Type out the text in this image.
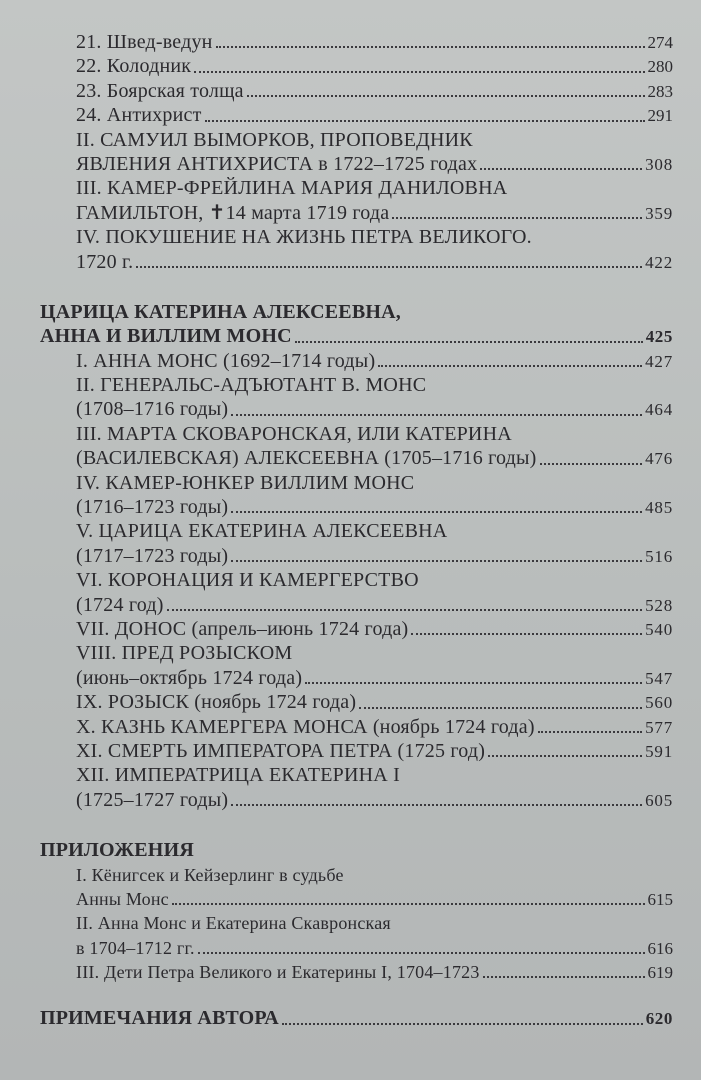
21. Швед-ведун	274
22. Колодник	280
23. Боярская толща	283
24. Антихрист	291
II. САМУИЛ ВЫМОРКОВ, ПРОПОВЕДНИК
ЯВЛЕНИЯ АНТИХРИСТА в 1722–1725 годах	308
III. КАМЕР-ФРЕЙЛИНА МАРИЯ ДАНИЛОВНА
ГАМИЛЬТОН, ✝14 марта 1719 года	359
IV. ПОКУШЕНИЕ НА ЖИЗНЬ ПЕТРА ВЕЛИКОГО.
1720 г.	422
ЦАРИЦА КАТЕРИНА АЛЕКСЕЕВНА,
АННА И ВИЛЛИМ МОНС	425
I. АННА МОНС (1692–1714 годы)	427
II. ГЕНЕРАЛЬС-АДЪЮТАНТ В. МОНС
(1708–1716 годы)	464
III. МАРТА СКОВАРОНСКАЯ, ИЛИ КАТЕРИНА
(ВАСИЛЕВСКАЯ) АЛЕКСЕЕВНА (1705–1716 годы)	476
IV. КАМЕР-ЮНКЕР ВИЛЛИМ МОНС
(1716–1723 годы)	485
V. ЦАРИЦА ЕКАТЕРИНА АЛЕКСЕЕВНА
(1717–1723 годы)	516
VI. КОРОНАЦИЯ И КАМЕРГЕРСТВО
(1724 год)	528
VII. ДОНОС (апрель–июнь 1724 года)	540
VIII. ПРЕД РОЗЫСКОМ
(июнь–октябрь 1724 года)	547
IX. РОЗЫСК (ноябрь 1724 года)	560
X. КАЗНЬ КАМЕРГЕРА МОНСА (ноябрь 1724 года)	577
XI. СМЕРТЬ ИМПЕРАТОРА ПЕТРА (1725 год)	591
XII. ИМПЕРАТРИЦА ЕКАТЕРИНА I
(1725–1727 годы)	605
ПРИЛОЖЕНИЯ
I. Кёнигсек и Кейзерлинг в судьбе
Анны Монс	615
II. Анна Монс и Екатерина Скавронская
в 1704–1712 гг.	616
III. Дети Петра Великого и Екатерины I, 1704–1723	619
ПРИМЕЧАНИЯ АВТОРА	620
